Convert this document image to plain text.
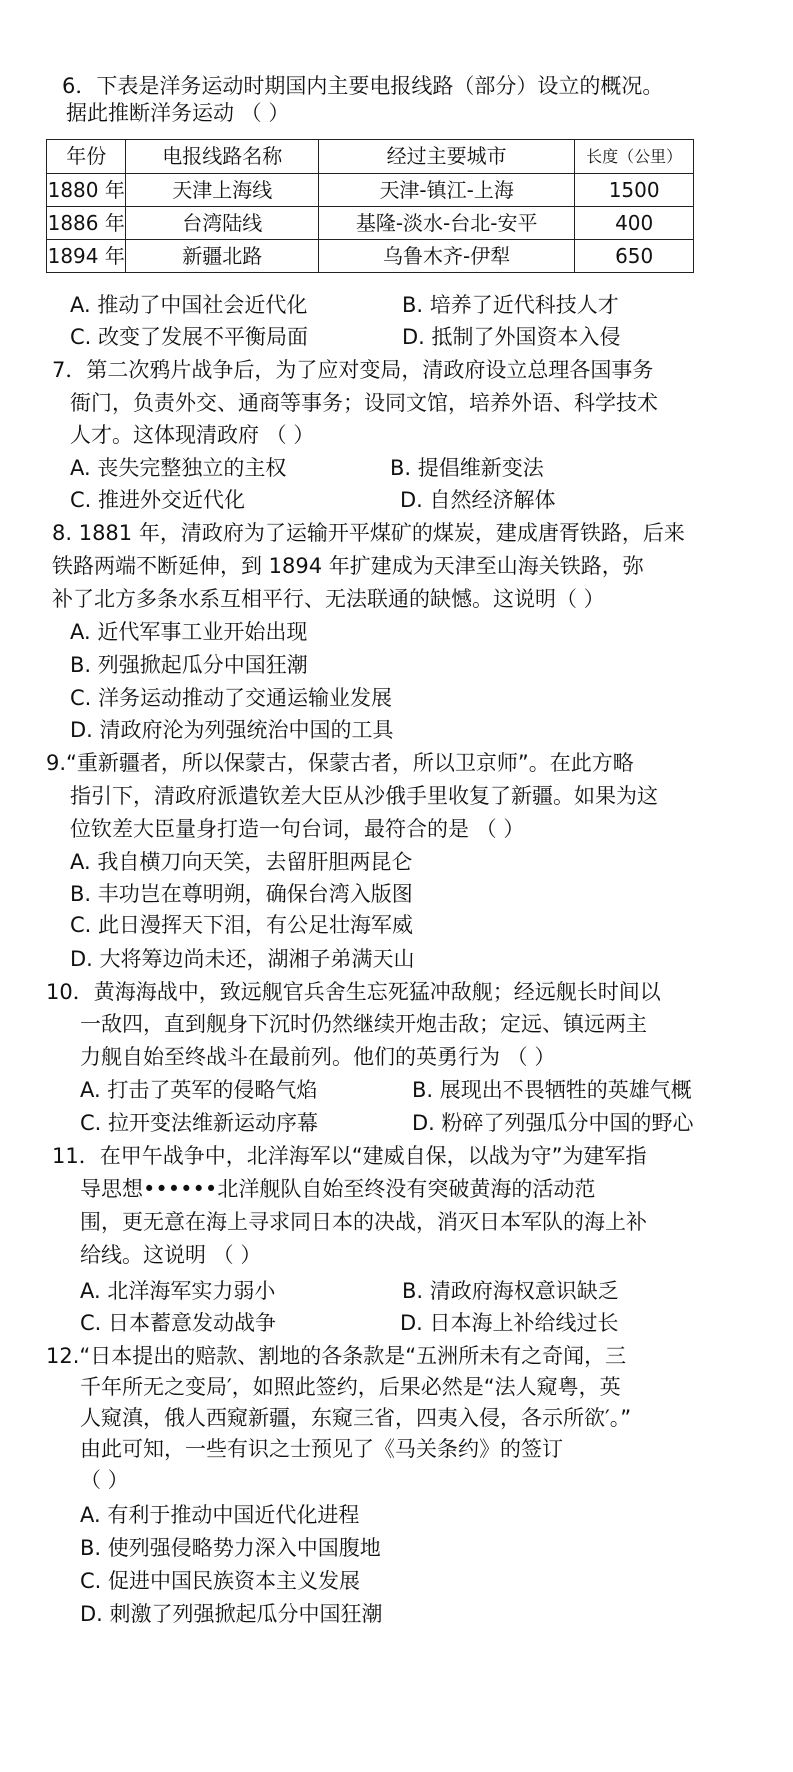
6．下表是洋务运动时期国内主要电报线路（部分）设立的概况。
据此推断洋务运动 （ ）
年份	电报线路名称	经过主要城市	长度（公里）
1880 年	天津上海线	天津-镇江-上海	1500
1886 年	台湾陆线	基隆-淡水-台北-安平	400
1894 年	新疆北路	乌鲁木齐-伊犁	650
A. 推动了中国社会近代化	B. 培养了近代科技人才
C. 改变了发展不平衡局面	D. 抵制了外国资本入侵
7．第二次鸦片战争后，为了应对变局，清政府设立总理各国事务
衙门，负责外交、通商等事务；设同文馆，培养外语、科学技术
人才。这体现清政府 （ ）
A. 丧失完整独立的主权	B. 提倡维新变法
C. 推进外交近代化	D. 自然经济解体
8. 1881 年，清政府为了运输开平煤矿的煤炭，建成唐胥铁路，后来
铁路两端不断延伸，到 1894 年扩建成为天津至山海关铁路，弥
补了北方多条水系互相平行、无法联通的缺憾。这说明（ ）
A. 近代军事工业开始出现
B. 列强掀起瓜分中国狂潮
C. 洋务运动推动了交通运输业发展
D. 清政府沦为列强统治中国的工具
9.“重新疆者，所以保蒙古，保蒙古者，所以卫京师”。在此方略
指引下，清政府派遣钦差大臣从沙俄手里收复了新疆。如果为这
位钦差大臣量身打造一句台词，最符合的是 （ ）
A. 我自横刀向天笑，去留肝胆两昆仑
B. 丰功岂在尊明朔，确保台湾入版图
C. 此日漫挥天下泪，有公足壮海军威
D. 大将筹边尚未还，湖湘子弟满天山
10．黄海海战中，致远舰官兵舍生忘死猛冲敌舰；经远舰长时间以
一敌四，直到舰身下沉时仍然继续开炮击敌；定远、镇远两主
力舰自始至终战斗在最前列。他们的英勇行为 （ ）
A. 打击了英军的侵略气焰	B. 展现出不畏牺牲的英雄气概
C. 拉开变法维新运动序幕	D. 粉碎了列强瓜分中国的野心
11．在甲午战争中，北洋海军以“建威自保，以战为守”为建军指
导思想••••••北洋舰队自始至终没有突破黄海的活动范
围，更无意在海上寻求同日本的决战，消灭日本军队的海上补
给线。这说明 （ ）
A. 北洋海军实力弱小	B. 清政府海权意识缺乏
C. 日本蓄意发动战争	D. 日本海上补给线过长
12.“日本提出的赔款、割地的各条款是“五洲所未有之奇闻，三
千年所无之变局′，如照此签约，后果必然是“法人窥粤，英
人窥滇，俄人西窥新疆，东窥三省，四夷入侵，各示所欲′。”
由此可知，一些有识之士预见了《马关条约》的签订
（ ）
A. 有利于推动中国近代化进程
B. 使列强侵略势力深入中国腹地
C. 促进中国民族资本主义发展
D. 刺激了列强掀起瓜分中国狂潮
